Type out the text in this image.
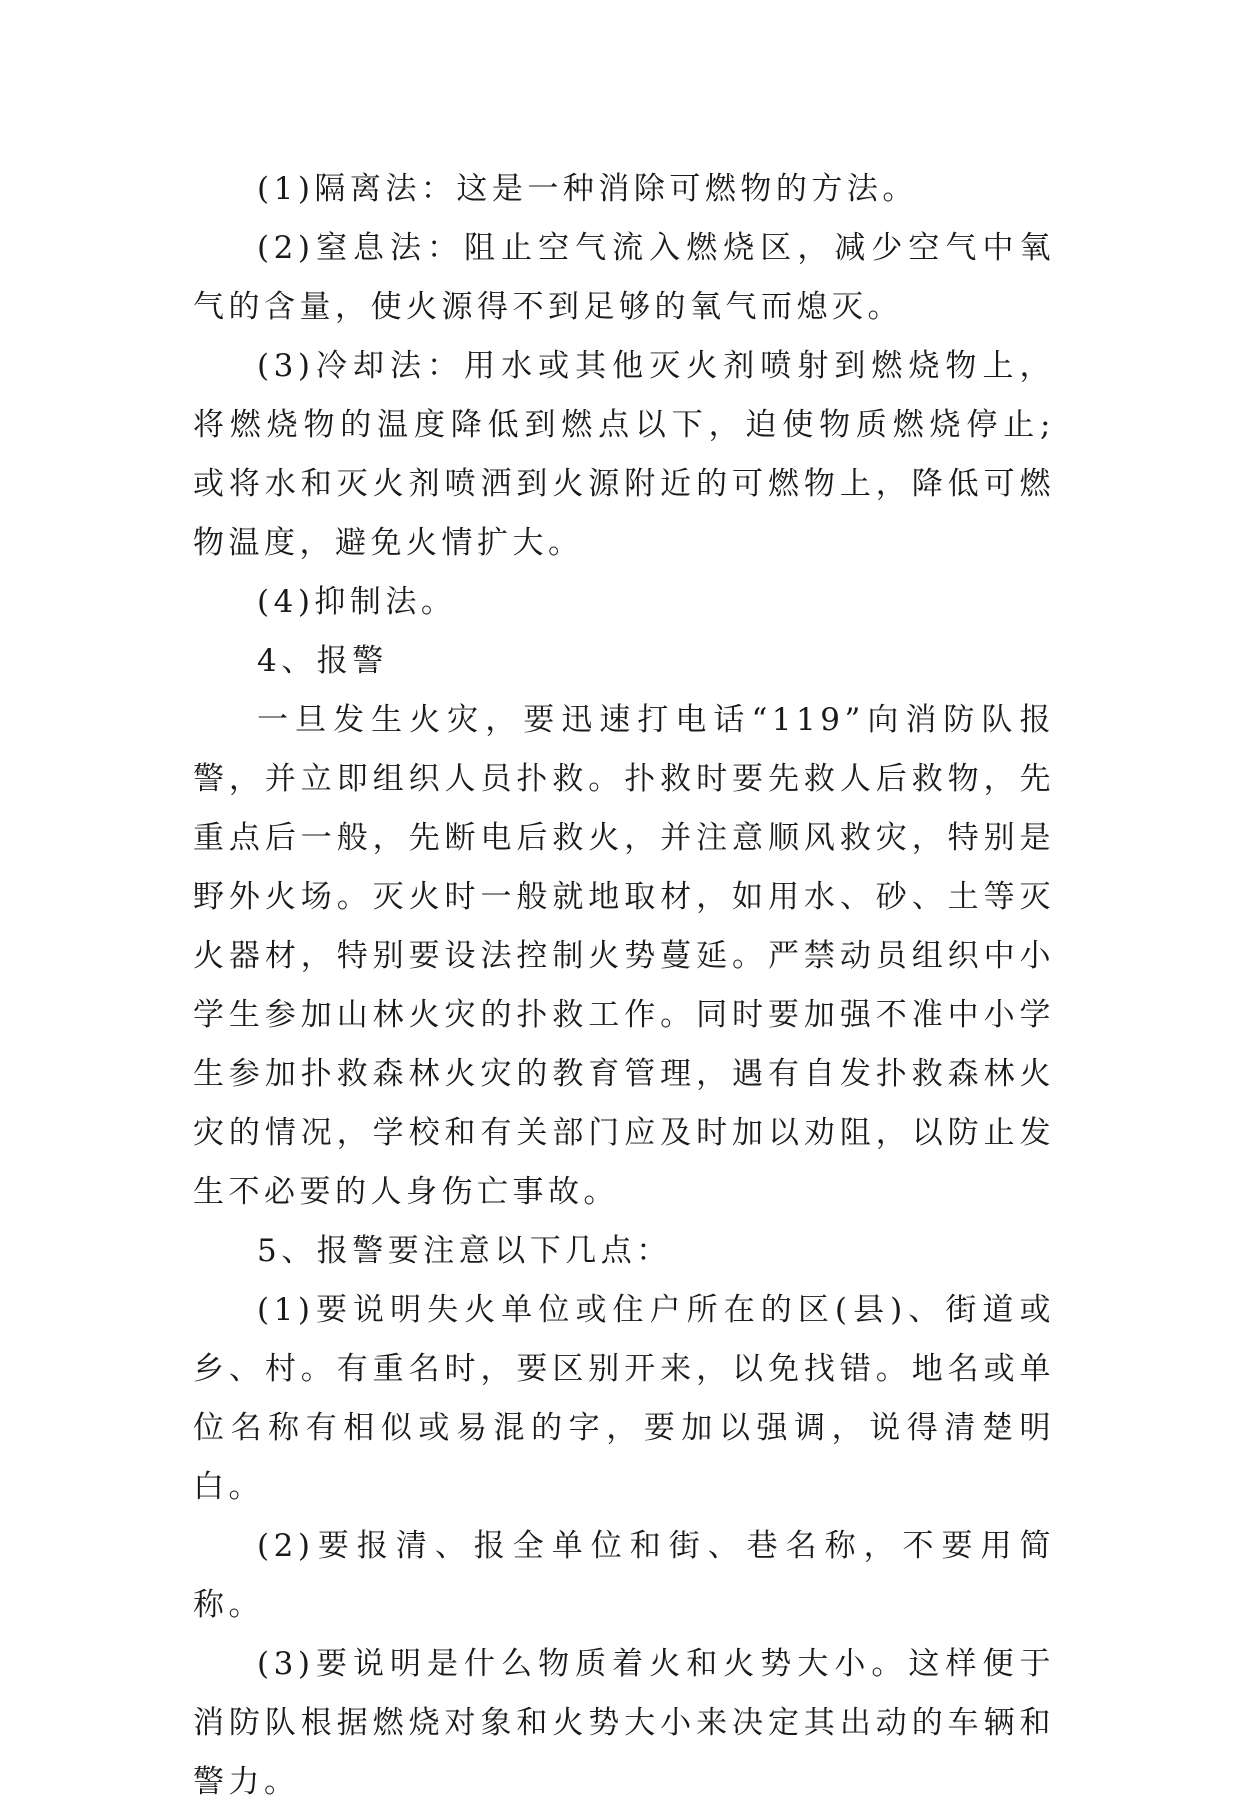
(1)隔离法：这是一种消除可燃物的方法。

(2)窒息法：阻止空气流入燃烧区，减少空气中氧气的含量，使火源得不到足够的氧气而熄灭。

(3)冷却法：用水或其他灭火剂喷射到燃烧物上，将燃烧物的温度降低到燃点以下，迫使物质燃烧停止;或将水和灭火剂喷洒到火源附近的可燃物上，降低可燃物温度，避免火情扩大。

(4)抑制法。

4、报警

一旦发生火灾，要迅速打电话“119”向消防队报警，并立即组织人员扑救。扑救时要先救人后救物，先重点后一般，先断电后救火，并注意顺风救灾，特别是野外火场。灭火时一般就地取材，如用水、砂、土等灭火器材，特别要设法控制火势蔓延。严禁动员组织中小学生参加山林火灾的扑救工作。同时要加强不准中小学生参加扑救森林火灾的教育管理，遇有自发扑救森林火灾的情况，学校和有关部门应及时加以劝阻，以防止发生不必要的人身伤亡事故。

5、报警要注意以下几点：

(1)要说明失火单位或住户所在的区(县)、街道或乡、村。有重名时，要区别开来，以免找错。地名或单位名称有相似或易混的字，要加以强调，说得清楚明白。

(2)要报清、报全单位和街、巷名称，不要用简称。

(3)要说明是什么物质着火和火势大小。这样便于消防队根据燃烧对象和火势大小来决定其出动的车辆和警力。
